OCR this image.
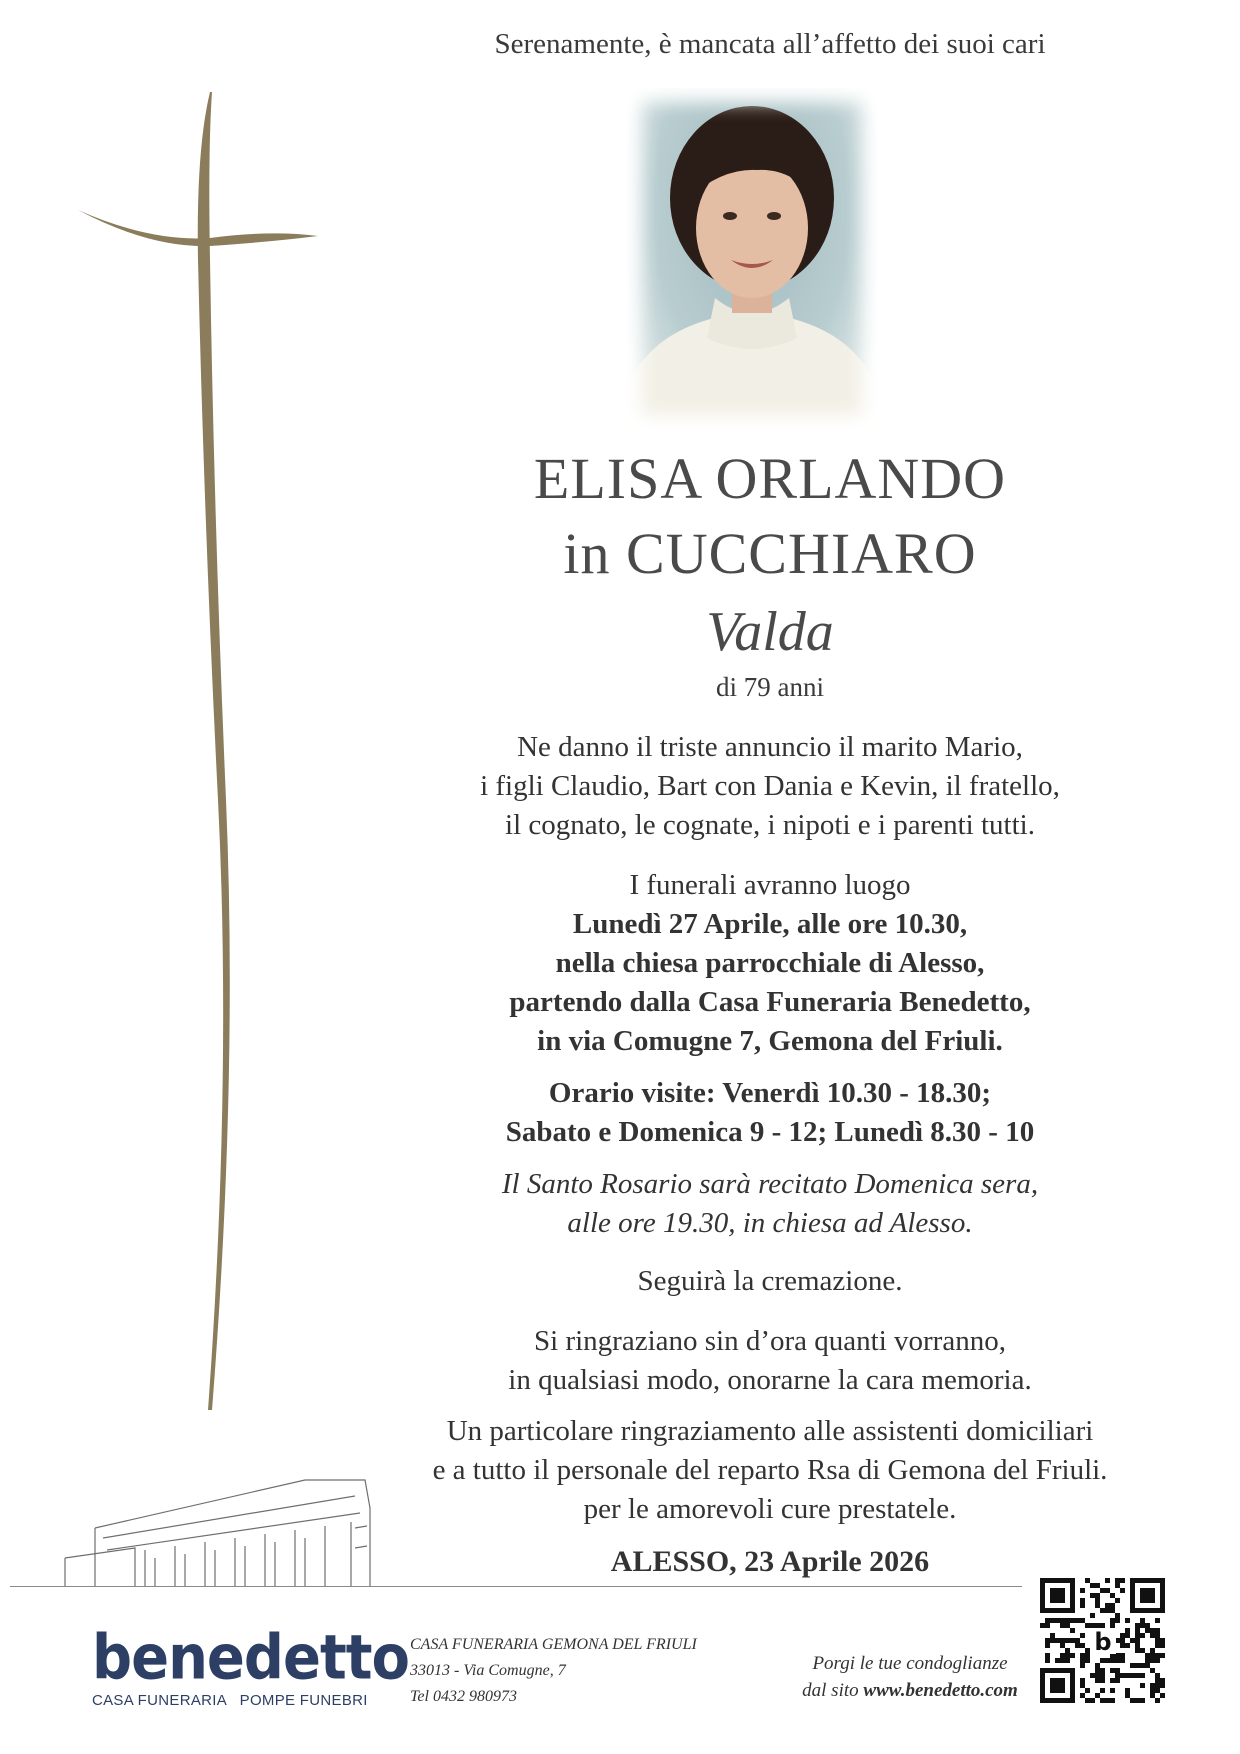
Serenamente, è mancata all’affetto dei suoi cari
ELISA ORLANDO
in CUCCHIARO
Valda
di 79 anni
Ne danno il triste annuncio il marito Mario,
i figli Claudio, Bart con Dania e Kevin, il fratello,
il cognato, le cognate, i nipoti e i parenti tutti.
I funerali avranno luogo
Lunedì 27 Aprile, alle ore 10.30,
nella chiesa parrocchiale di Alesso,
partendo dalla Casa Funeraria Benedetto,
in via Comugne 7, Gemona del Friuli.
Orario visite: Venerdì 10.30 - 18.30;
Sabato e Domenica 9 - 12; Lunedì 8.30 - 10
Il Santo Rosario sarà recitato Domenica sera,
alle ore 19.30, in chiesa ad Alesso.
Seguirà la cremazione.
Si ringraziano sin d’ora quanti vorranno,
in qualsiasi modo, onorarne la cara memoria.
Un particolare ringraziamento alle assistenti domiciliari
e a tutto il personale del reparto Rsa di Gemona del Friuli.
per le amorevoli cure prestatele.
ALESSO, 23 Aprile 2026
benedetto
CASA FUNERARIA   POMPE FUNEBRI
CASA FUNERARIA GEMONA DEL FRIULI
33013 - Via Comugne, 7
Tel 0432 980973
Porgi le tue condoglianze
dal sito www.benedetto.com
b
